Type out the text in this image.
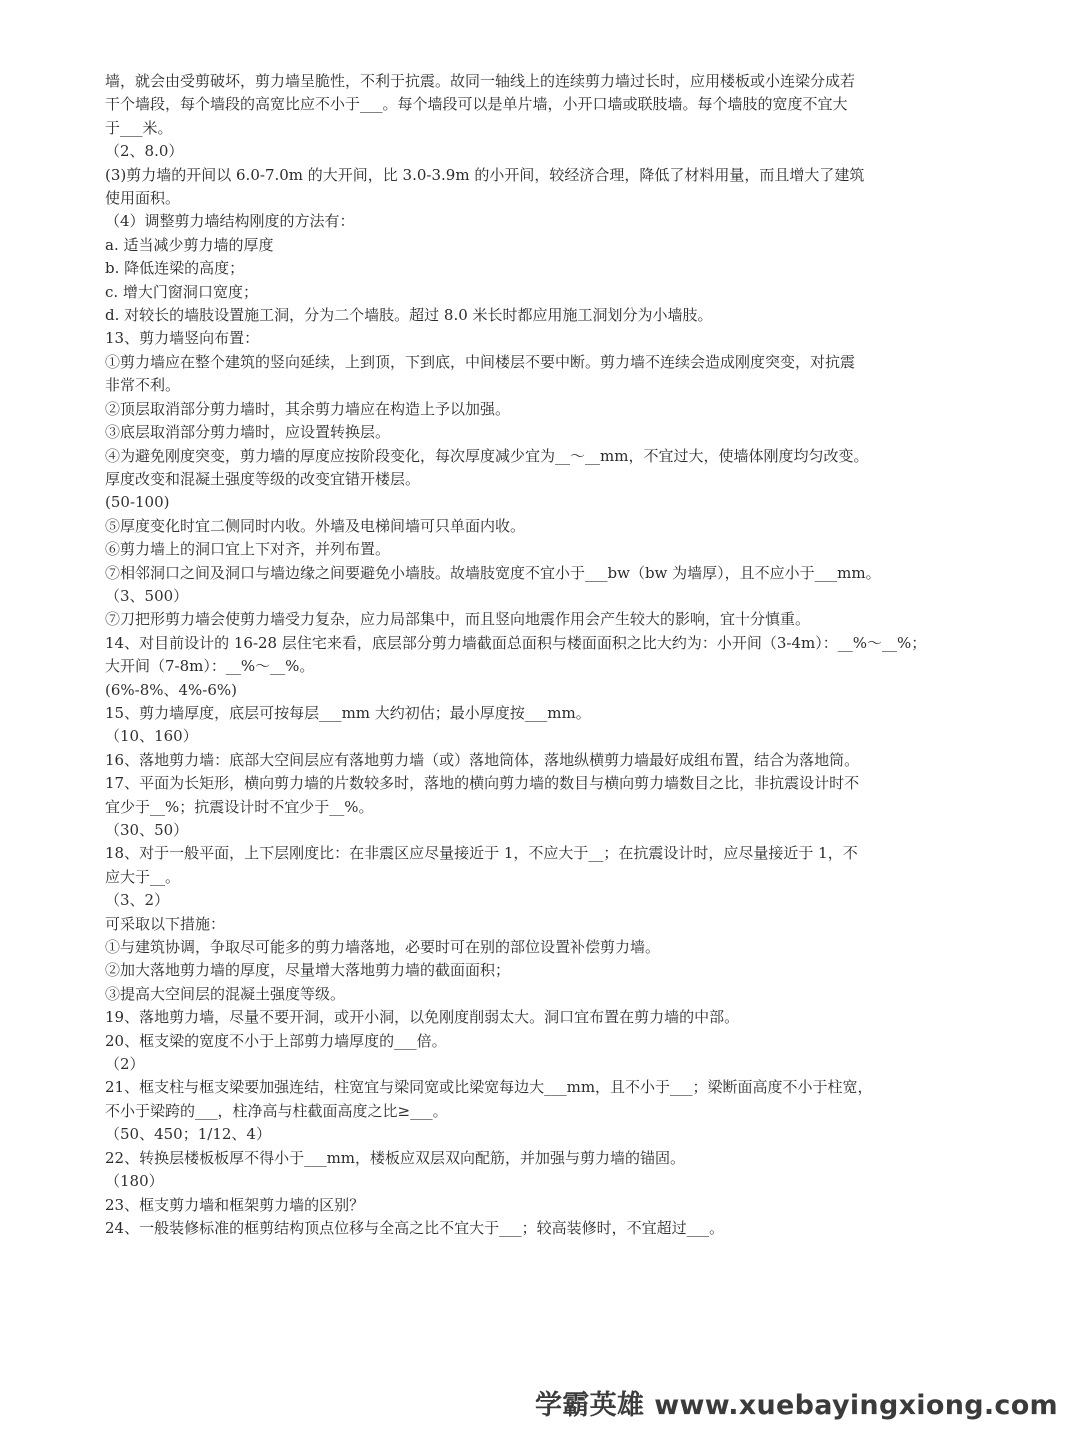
墙，就会由受剪破坏，剪力墙呈脆性，不利于抗震。故同一轴线上的连续剪力墙过长时，应用楼板或小连梁分成若
干个墙段，每个墙段的高宽比应不小于___。每个墙段可以是单片墙，小开口墙或联肢墙。每个墙肢的宽度不宜大
于___米。
（2、8.0）
(3)剪力墙的开间以 6.0-7.0m 的大开间，比 3.0-3.9m 的小开间，较经济合理，降低了材料用量，而且增大了建筑
使用面积。
（4）调整剪力墙结构刚度的方法有：
a. 适当减少剪力墙的厚度
b. 降低连梁的高度；
c. 增大门窗洞口宽度；
d. 对较长的墙肢设置施工洞，分为二个墙肢。超过 8.0 米长时都应用施工洞划分为小墙肢。
13、剪力墙竖向布置：
①剪力墙应在整个建筑的竖向延续，上到顶，下到底，中间楼层不要中断。剪力墙不连续会造成刚度突变，对抗震
非常不利。
②顶层取消部分剪力墙时，其余剪力墙应在构造上予以加强。
③底层取消部分剪力墙时，应设置转换层。
④为避免刚度突变，剪力墙的厚度应按阶段变化，每次厚度减少宜为__～__mm，不宜过大，使墙体刚度均匀改变。
厚度改变和混凝土强度等级的改变宜错开楼层。
(50-100)
⑤厚度变化时宜二侧同时内收。外墙及电梯间墙可只单面内收。
⑥剪力墙上的洞口宜上下对齐，并列布置。
⑦相邻洞口之间及洞口与墙边缘之间要避免小墙肢。故墙肢宽度不宜小于___bw（bw 为墙厚），且不应小于___mm。
（3、500）
⑦刀把形剪力墙会使剪力墙受力复杂，应力局部集中，而且竖向地震作用会产生较大的影响，宜十分慎重。
14、对目前设计的 16-28 层住宅来看，底层部分剪力墙截面总面积与楼面面积之比大约为：小开间（3-4m）：__%～__%；
大开间（7-8m）：__%～__%。
(6%-8%、4%-6%)
15、剪力墙厚度，底层可按每层___mm 大约初估；最小厚度按___mm。
（10、160）
16、落地剪力墙：底部大空间层应有落地剪力墙（或）落地筒体，落地纵横剪力墙最好成组布置，结合为落地筒。
17、平面为长矩形，横向剪力墙的片数较多时，落地的横向剪力墙的数目与横向剪力墙数目之比，非抗震设计时不
宜少于__%；抗震设计时不宜少于__%。
（30、50）
18、对于一般平面，上下层刚度比：在非震区应尽量接近于 1，不应大于__；在抗震设计时，应尽量接近于 1，不
应大于__。
（3、2）
可采取以下措施：
①与建筑协调，争取尽可能多的剪力墙落地，必要时可在别的部位设置补偿剪力墙。
②加大落地剪力墙的厚度，尽量增大落地剪力墙的截面面积；
③提高大空间层的混凝土强度等级。
19、落地剪力墙，尽量不要开洞，或开小洞，以免刚度削弱太大。洞口宜布置在剪力墙的中部。
20、框支梁的宽度不小于上部剪力墙厚度的___倍。
（2）
21、框支柱与框支梁要加强连结，柱宽宜与梁同宽或比梁宽每边大___mm，且不小于___；梁断面高度不小于柱宽，
不小于梁跨的___，柱净高与柱截面高度之比≥___。
（50、450；1/12、4）
22、转换层楼板板厚不得小于___mm，楼板应双层双向配筋，并加强与剪力墙的锚固。
（180）
23、框支剪力墙和框架剪力墙的区别？
24、一般装修标准的框剪结构顶点位移与全高之比不宜大于___；较高装修时，不宜超过___。
学霸英雄 www.xuebayingxiong.com
